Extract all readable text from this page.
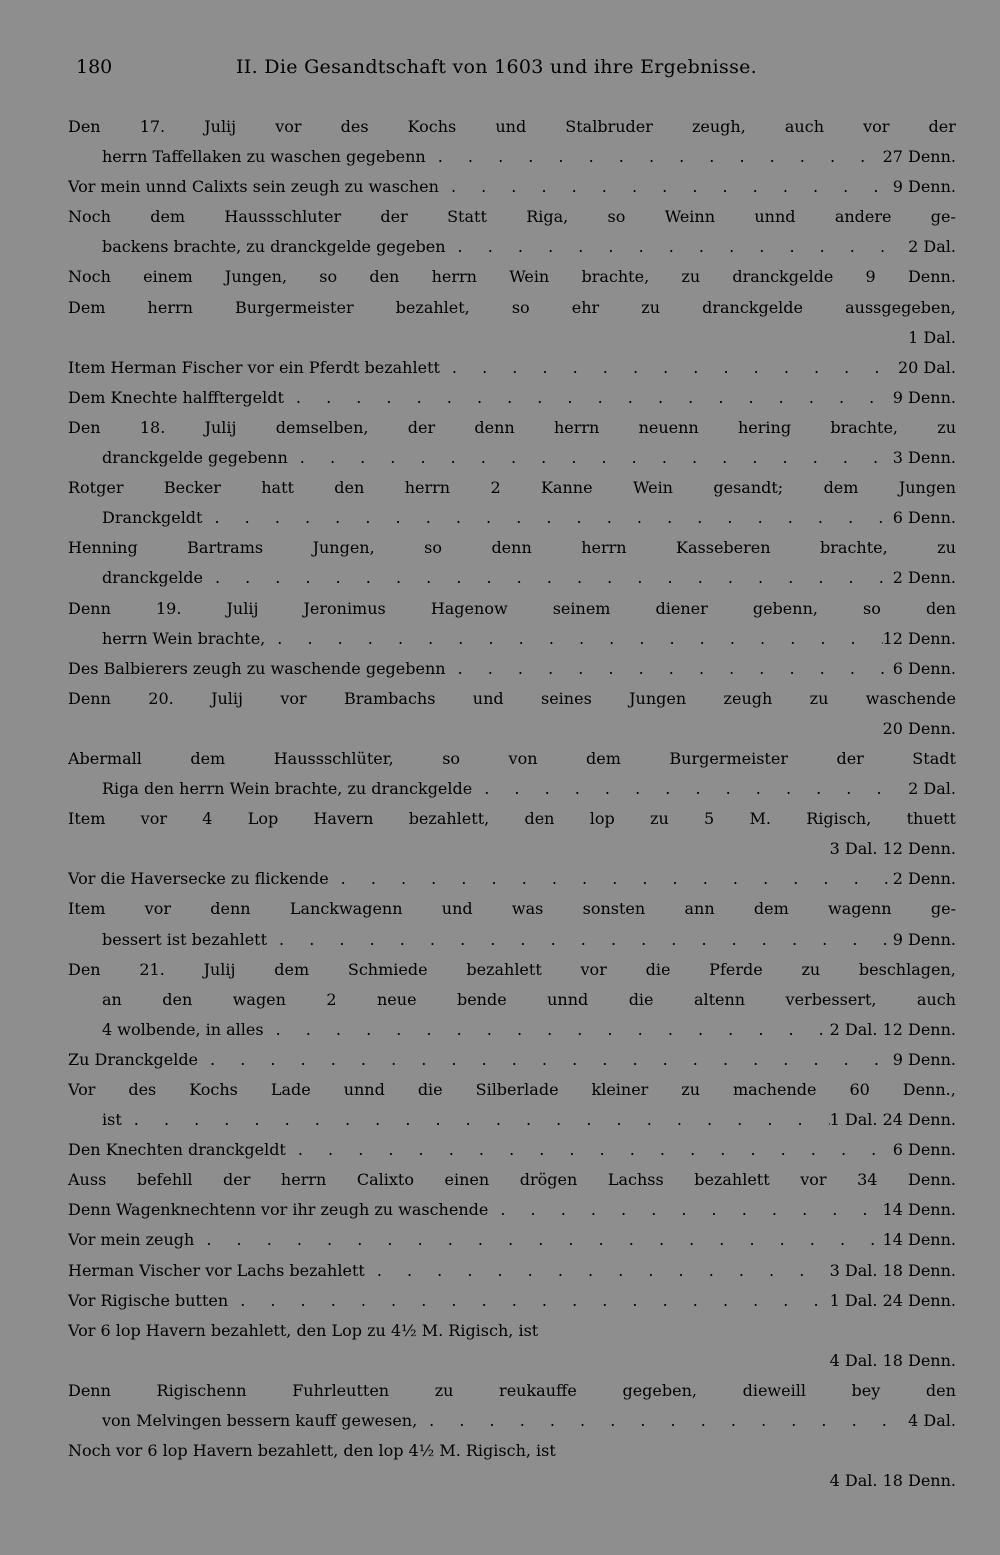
180	II. Die Gesandtschaft von 1603 und ihre Ergebnisse.
Den 17. Julij vor des Kochs und Stalbruder zeugh, auch vor der
herrn Taffellaken zu waschen gegebenn . . .	27 Denn.
Vor mein unnd Calixts sein zeugh zu waschen . . .	9 Denn.
Noch dem Haussschluter der Statt Riga, so Weinn unnd andere ge-
backens brachte, zu dranckgelde gegeben . . .	2 Dal.
Noch einem Jungen, so den herrn Wein brachte, zu dranckgelde 9 Denn.
Dem	herrn	Burgermeister	bezahlet,	so	ehr	zu	dranckgelde	aussgegeben,
1 Dal.
Item Herman Fischer vor ein Pferdt bezahlett . . .	20 Dal.
Dem Knechte halfftergeldt . . .	9 Denn.
Den 18. Julij demselben, der denn herrn neuenn hering brachte, zu
dranckgelde gegebenn . . .	3 Denn.
Rotger	Becker	hatt	den	herrn	2	Kanne	Wein	gesandt;	dem	Jungen
Dranckgeldt . . .	6 Denn.
Henning	Bartrams	Jungen,	so	denn	herrn	Kasseberen	brachte,	zu
dranckgelde . . .	2 Denn.
Denn	19.	Julij	Jeronimus	Hagenow	seinem	diener	gebenn,	so	den
herrn Wein brachte, . . .	12 Denn.
Des Balbierers zeugh zu waschende gegebenn . . .	6 Denn.
Denn 20. Julij vor Brambachs und seines Jungen zeugh zu waschende
20 Denn.
Abermall	dem	Haussschlüter,	so	von	dem	Burgermeister	der	Stadt
Riga den herrn Wein brachte, zu dranckgelde . . .	2 Dal.
Item vor 4 Lop Havern bezahlett, den lop zu 5 M. Rigisch, thuett
3 Dal. 12 Denn.
Vor die Haversecke zu flickende . . .	2 Denn.
Item vor denn Lanckwagenn und was sonsten ann dem wagenn ge-
bessert ist bezahlett . . .	9 Denn.
Den 21. Julij dem Schmiede bezahlett vor die Pferde zu beschlagen,
an	den	wagen	2	neue	bende	unnd	die	altenn	verbessert,	auch
4 wolbende, in alles . . .	2 Dal. 12 Denn.
Zu Dranckgelde . . .	9 Denn.
Vor des Kochs Lade unnd die Silberlade kleiner zu machende 60 Denn.,
ist . . .	1 Dal. 24 Denn.
Den Knechten dranckgeldt . . .	6 Denn.
Auss befehll der herrn Calixto einen drögen Lachss bezahlett vor 34 Denn.
Denn Wagenknechtenn vor ihr zeugh zu waschende . . .	14 Denn.
Vor mein zeugh . . .	14 Denn.
Herman Vischer vor Lachs bezahlett . . .	3 Dal. 18 Denn.
Vor Rigische butten . . .	1 Dal. 24 Denn.
Vor 6 lop Havern bezahlett, den Lop zu 4½ M. Rigisch, ist
4 Dal. 18 Denn.
Denn	Rigischenn	Fuhrleutten	zu	reukauffe	gegeben,	dieweill	bey	den
von Melvingen bessern kauff gewesen, . . .	4 Dal.
Noch vor 6 lop Havern bezahlett, den lop 4½ M. Rigisch, ist
4 Dal. 18 Denn.
